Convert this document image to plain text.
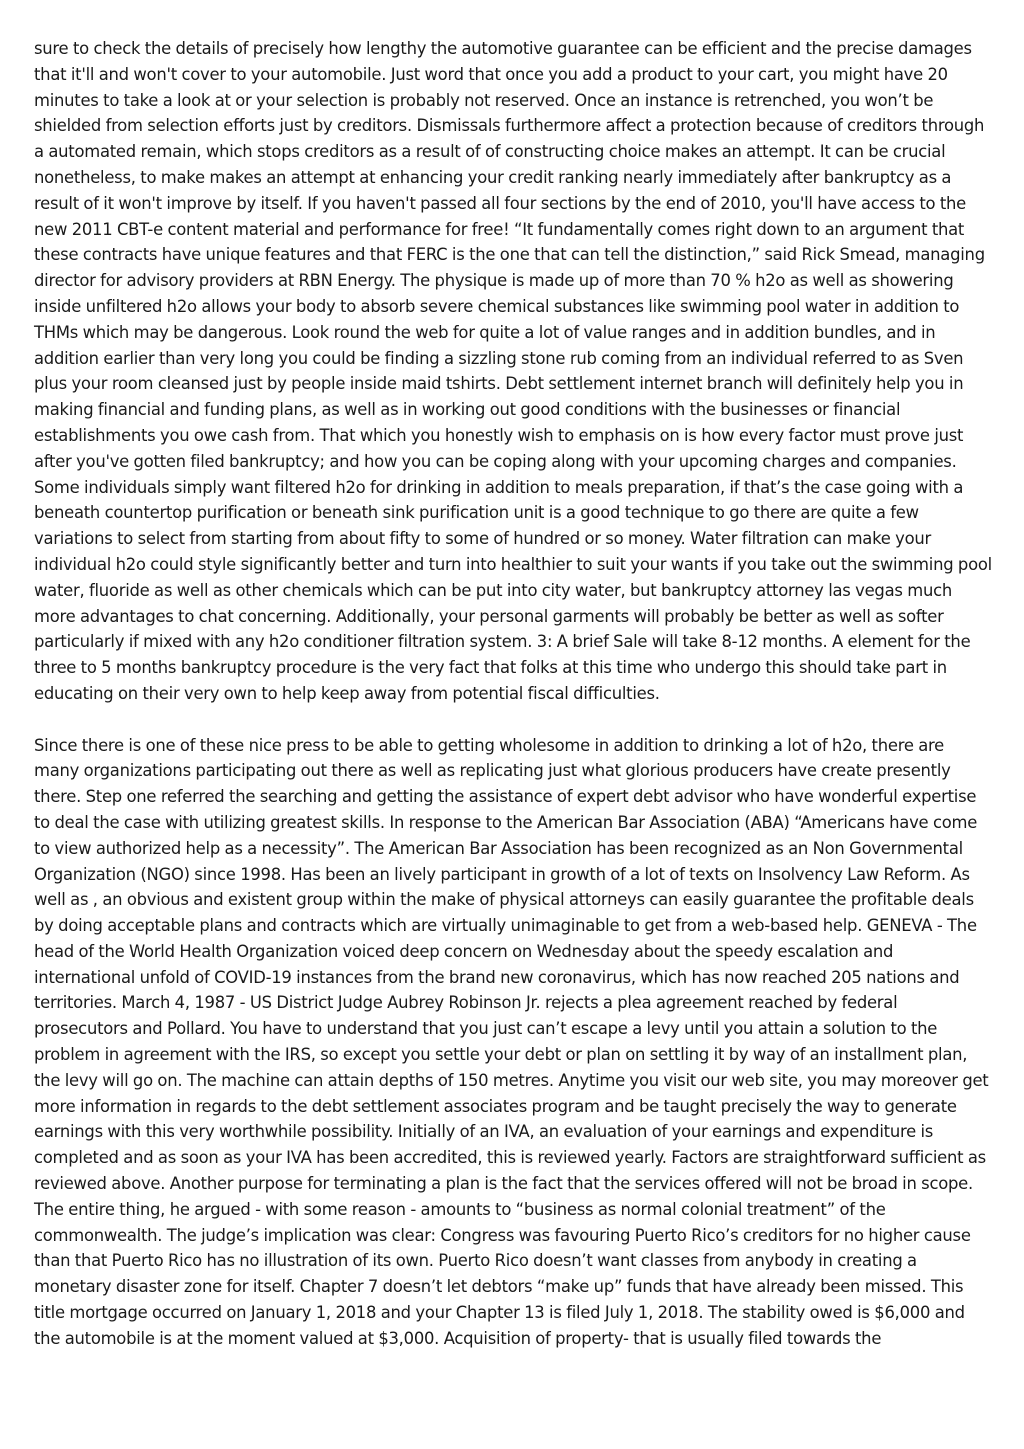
sure to check the details of precisely how lengthy the automotive guarantee can be efficient and the precise damages that it'll and won't cover to your automobile. Just word that once you add a product to your cart, you might have 20 minutes to take a look at or your selection is probably not reserved. Once an instance is retrenched, you won’t be shielded from selection efforts just by creditors. Dismissals furthermore affect a protection because of creditors through a automated remain, which stops creditors as a result of of constructing choice makes an attempt. It can be crucial nonetheless, to make makes an attempt at enhancing your credit ranking nearly immediately after bankruptcy as a result of it won't improve by itself. If you haven't passed all four sections by the end of 2010, you'll have access to the new 2011 CBT-e content material and performance for free! “It fundamentally comes right down to an argument that these contracts have unique features and that FERC is the one that can tell the distinction,” said Rick Smead, managing director for advisory providers at RBN Energy. The physique is made up of more than 70 % h2o as well as showering inside unfiltered h2o allows your body to absorb severe chemical substances like swimming pool water in addition to THMs which may be dangerous. Look round the web for quite a lot of value ranges and in addition bundles, and in addition earlier than very long you could be finding a sizzling stone rub coming from an individual referred to as Sven plus your room cleansed just by people inside maid tshirts. Debt settlement internet branch will definitely help you in making financial and funding plans, as well as in working out good conditions with the businesses or financial establishments you owe cash from. That which you honestly wish to emphasis on is how every factor must prove just after you've gotten filed bankruptcy; and how you can be coping along with your upcoming charges and companies. Some individuals simply want filtered h2o for drinking in addition to meals preparation, if that’s the case going with a beneath countertop purification or beneath sink purification unit is a good technique to go there are quite a few variations to select from starting from about fifty to some of hundred or so money. Water filtration can make your individual h2o could style significantly better and turn into healthier to suit your wants if you take out the swimming pool water, fluoride as well as other chemicals which can be put into city water, but bankruptcy attorney las vegas much more advantages to chat concerning. Additionally, your personal garments will probably be better as well as softer particularly if mixed with any h2o conditioner filtration system. 3: A brief Sale will take 8-12 months. A element for the three to 5 months bankruptcy procedure is the very fact that folks at this time who undergo this should take part in educating on their very own to help keep away from potential fiscal difficulties.

Since there is one of these nice press to be able to getting wholesome in addition to drinking a lot of h2o, there are many organizations participating out there as well as replicating just what glorious producers have create presently there. Step one referred the searching and getting the assistance of expert debt advisor who have wonderful expertise to deal the case with utilizing greatest skills. In response to the American Bar Association (ABA) “Americans have come to view authorized help as a necessity”. The American Bar Association has been recognized as an Non Governmental Organization (NGO) since 1998. Has been an lively participant in growth of a lot of texts on Insolvency Law Reform. As well as , an obvious and existent group within the make of physical attorneys can easily guarantee the profitable deals by doing acceptable plans and contracts which are virtually unimaginable to get from a web-based help. GENEVA - The head of the World Health Organization voiced deep concern on Wednesday about the speedy escalation and international unfold of COVID-19 instances from the brand new coronavirus, which has now reached 205 nations and territories. March 4, 1987 - US District Judge Aubrey Robinson Jr. rejects a plea agreement reached by federal prosecutors and Pollard. You have to understand that you just can’t escape a levy until you attain a solution to the problem in agreement with the IRS, so except you settle your debt or plan on settling it by way of an installment plan, the levy will go on. The machine can attain depths of 150 metres. Anytime you visit our web site, you may moreover get more information in regards to the debt settlement associates program and be taught precisely the way to generate earnings with this very worthwhile possibility. Initially of an IVA, an evaluation of your earnings and expenditure is completed and as soon as your IVA has been accredited, this is reviewed yearly. Factors are straightforward sufficient as reviewed above. Another purpose for terminating a plan is the fact that the services offered will not be broad in scope. The entire thing, he argued - with some reason - amounts to “business as normal colonial treatment” of the commonwealth. The judge’s implication was clear: Congress was favouring Puerto Rico’s creditors for no higher cause than that Puerto Rico has no illustration of its own. Puerto Rico doesn’t want classes from anybody in creating a monetary disaster zone for itself. Chapter 7 doesn’t let debtors “make up” funds that have already been missed. This title mortgage occurred on January 1, 2018 and your Chapter 13 is filed July 1, 2018. The stability owed is $6,000 and the automobile is at the moment valued at $3,000. Acquisition of property- that is usually filed towards the
